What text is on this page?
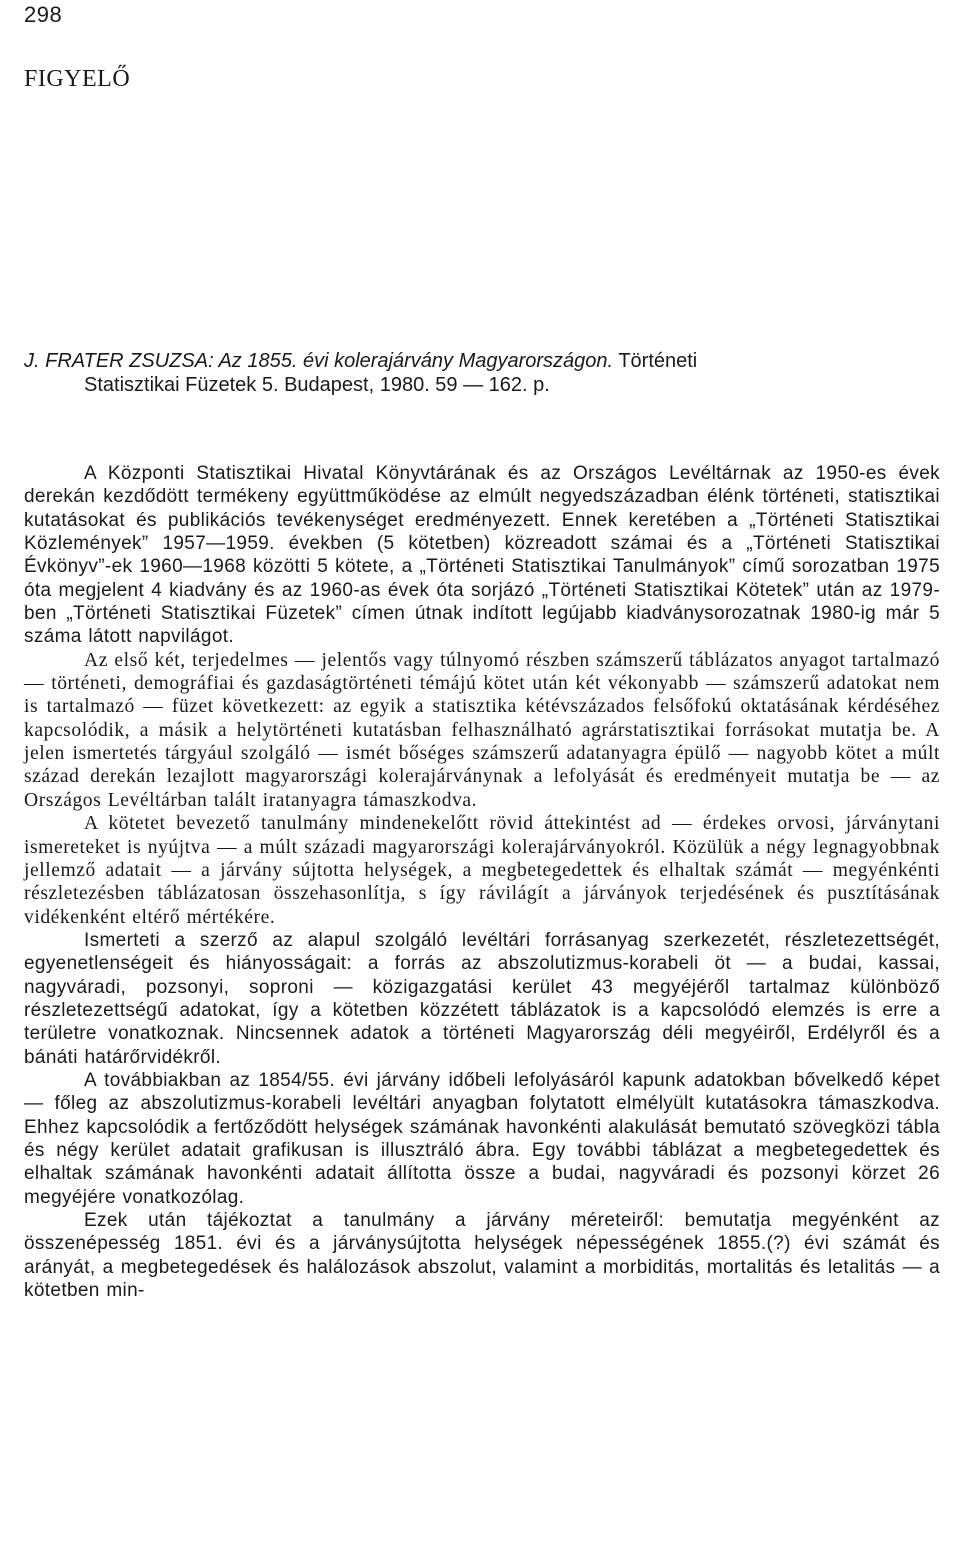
298
FIGYELŐ
J. FRATER ZSUZSA: Az 1855. évi kolerajárvány Magyarországon. Történeti
Statisztikai Füzetek 5. Budapest, 1980. 59 — 162. p.

A Központi Statisztikai Hivatal Könyvtárának és az Országos Levéltárnak az 1950-es évek derekán kezdődött termékeny együttműködése az elmúlt negyedszázadban élénk történeti, statisztikai kutatásokat és publikációs tevékenységet eredményezett. Ennek keretében a „Történeti Statisztikai Közlemények” 1957—1959. években (5 kötetben) közreadott számai és a „Történeti Statisztikai Évkönyv”-ek 1960—1968 közötti 5 kötete, a „Történeti Statisztikai Tanulmányok” című sorozatban 1975 óta megjelent 4 kiadvány és az 1960-as évek óta sorjázó „Történeti Statisztikai Kötetek” után az 1979-ben „Történeti Statisztikai Füzetek” címen útnak indított legújabb kiadványsorozatnak 1980-ig már 5 száma látott napvilágot.

Az első két, terjedelmes — jelentős vagy túlnyomó részben számszerű táblázatos anyagot tartalmazó — történeti, demográfiai és gazdaságtörténeti témájú kötet után két vékonyabb — számszerű adatokat nem is tartalmazó — füzet következett: az egyik a statisztika kétévszázados felsőfokú oktatásának kérdéséhez kapcsolódik, a másik a helytörténeti kutatásban felhasználható agrárstatisztikai forrásokat mutatja be. A jelen ismertetés tárgyául szolgáló — ismét bőséges számszerű adatanyagra épülő — nagyobb kötet a múlt század derekán lezajlott magyarországi kolerajárványnak a lefolyását és eredményeit mutatja be — az Országos Levéltárban talált iratanyagra támaszkodva.

A kötetet bevezető tanulmány mindenekelőtt rövid áttekintést ad — érdekes orvosi, járványtani ismereteket is nyújtva — a múlt századi magyarországi kolerajárványokról. Közülük a négy legnagyobbnak jellemző adatait — a járvány sújtotta helységek, a megbetegedettek és elhaltak számát — megyénkénti részletezésben táblázatosan összehasonlítja, s így rávilágít a járványok terjedésének és pusztításának vidékenként eltérő mértékére.

Ismerteti a szerző az alapul szolgáló levéltári forrásanyag szerkezetét, részletezettségét, egyenetlenségeit és hiányosságait: a forrás az abszolutizmus-korabeli öt — a budai, kassai, nagyváradi, pozsonyi, soproni — közigazgatási kerület 43 megyéjéről tartalmaz különböző részletezettségű adatokat, így a kötetben közzétett táblázatok is a kapcsolódó elemzés is erre a területre vonatkoznak. Nincsennek adatok a történeti Magyarország déli megyéiről, Erdélyről és a bánáti határőrvidékről.

A továbbiakban az 1854/55. évi járvány időbeli lefolyásáról kapunk adatokban bővelkedő képet — főleg az abszolutizmus-korabeli levéltári anyagban folytatott elmélyült kutatásokra támaszkodva. Ehhez kapcsolódik a fertőződött helységek számának havonkénti alakulását bemutató szövegközi tábla és négy kerület adatait grafikusan is illusztráló ábra. Egy további táblázat a megbetegedettek és elhaltak számának havonkénti adatait állította össze a budai, nagyváradi és pozsonyi körzet 26 megyéjére vonatkozólag.

Ezek után tájékoztat a tanulmány a járvány méreteiről: bemutatja megyénként az összenépesség 1851. évi és a járványsújtotta helységek népességének 1855.(?) évi számát és arányát, a megbetegedések és halálozások abszolut, valamint a morbiditás, mortalitás és letalitás — a kötetben min-
